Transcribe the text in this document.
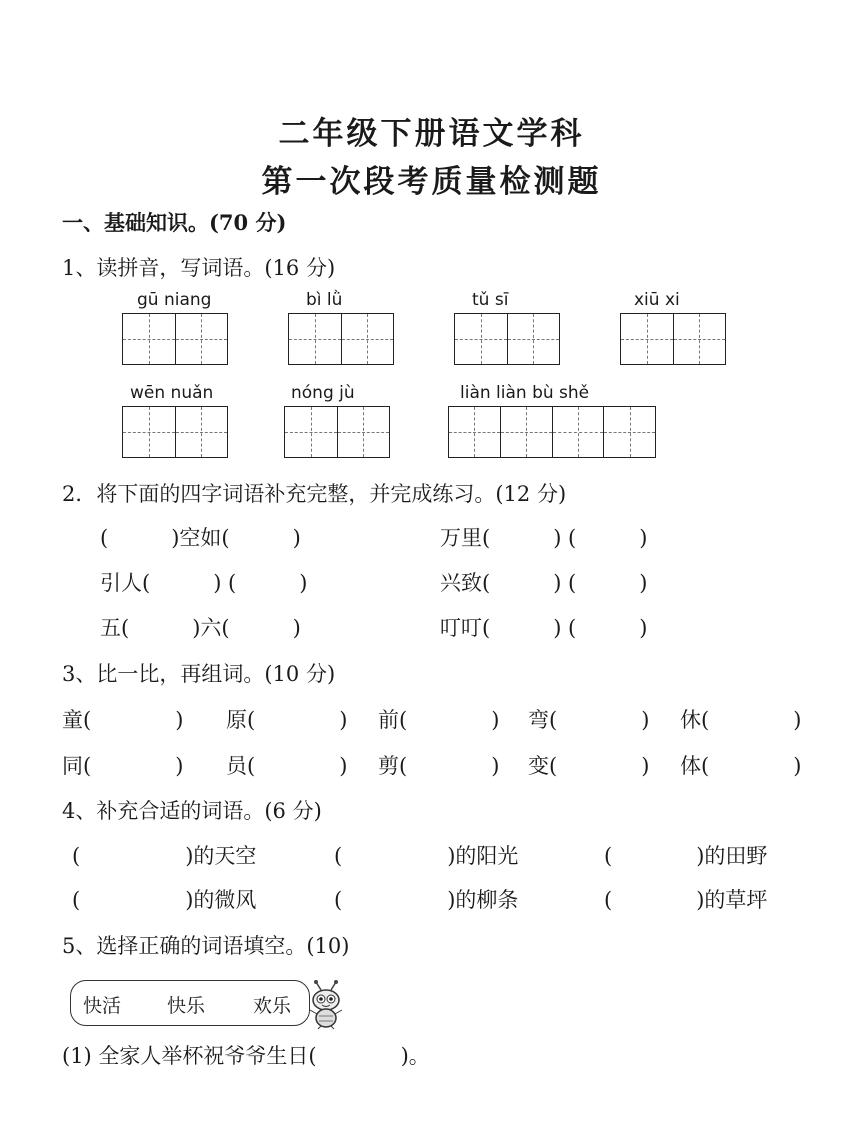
二年级下册语文学科
第一次段考质量检测题
一、基础知识。(70 分)
1、读拼音，写词语。(16 分)
gū niang	bì lǜ	tǔ sī	xiū xi
wēn nuǎn	nóng jù	liàn liàn bù shě
2．将下面的四字词语补充完整，并完成练习。(12 分)
(　　　)空如(　　　)	万里(　　　) (　　　)
引人(　　　) (　　　)	兴致(　　　) (　　　)
五(　　　)六(　　　)	叮叮(　　　) (　　　)
3、比一比，再组词。(10 分)
童(　　　　) 原(　　　　) 前(　　　　) 弯(　　　　) 休(　　　　)
同(　　　　) 员(　　　　) 剪(　　　　) 变(　　　　) 体(　　　　)
4、补充合适的词语。(6 分)
(　　　　　)的天空	(　　　　　)的阳光	(　　　　)的田野
(　　　　　)的微风	(　　　　　)的柳条	(　　　　)的草坪
5、选择正确的词语填空。(10)
快活 快乐	欢乐
(1) 全家人举杯祝爷爷生日(　　　　)。
